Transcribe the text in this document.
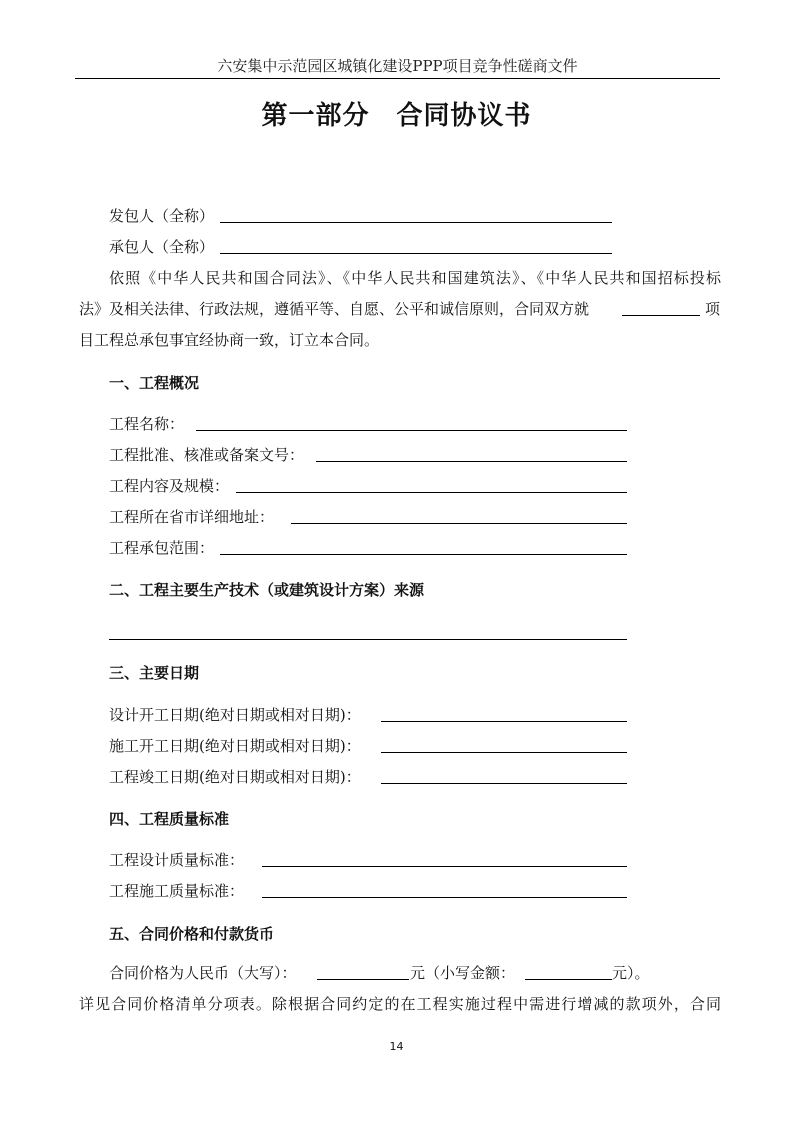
六安集中示范园区城镇化建设PPP项目竞争性磋商文件
第一部分　合同协议书
发包人（全称）
承包人（全称）
依照《中华人民共和国合同法》、《中华人民共和国建筑法》、《中华人民共和国招标投标
法》及相关法律、行政法规，遵循平等、自愿、公平和诚信原则，合同双方就	项
目工程总承包事宜经协商一致，订立本合同。
一、工程概况
工程名称：
工程批准、核准或备案文号：
工程内容及规模：
工程所在省市详细地址：
工程承包范围：
二、工程主要生产技术（或建筑设计方案）来源
三、主要日期
设计开工日期(绝对日期或相对日期)：
施工开工日期(绝对日期或相对日期)：
工程竣工日期(绝对日期或相对日期)：
四、工程质量标准
工程设计质量标准：
工程施工质量标准：
五、合同价格和付款货币
合同价格为人民币（大写）：	元（小写金额：	元）。
详见合同价格清单分项表。除根据合同约定的在工程实施过程中需进行增减的款项外，合同
14
